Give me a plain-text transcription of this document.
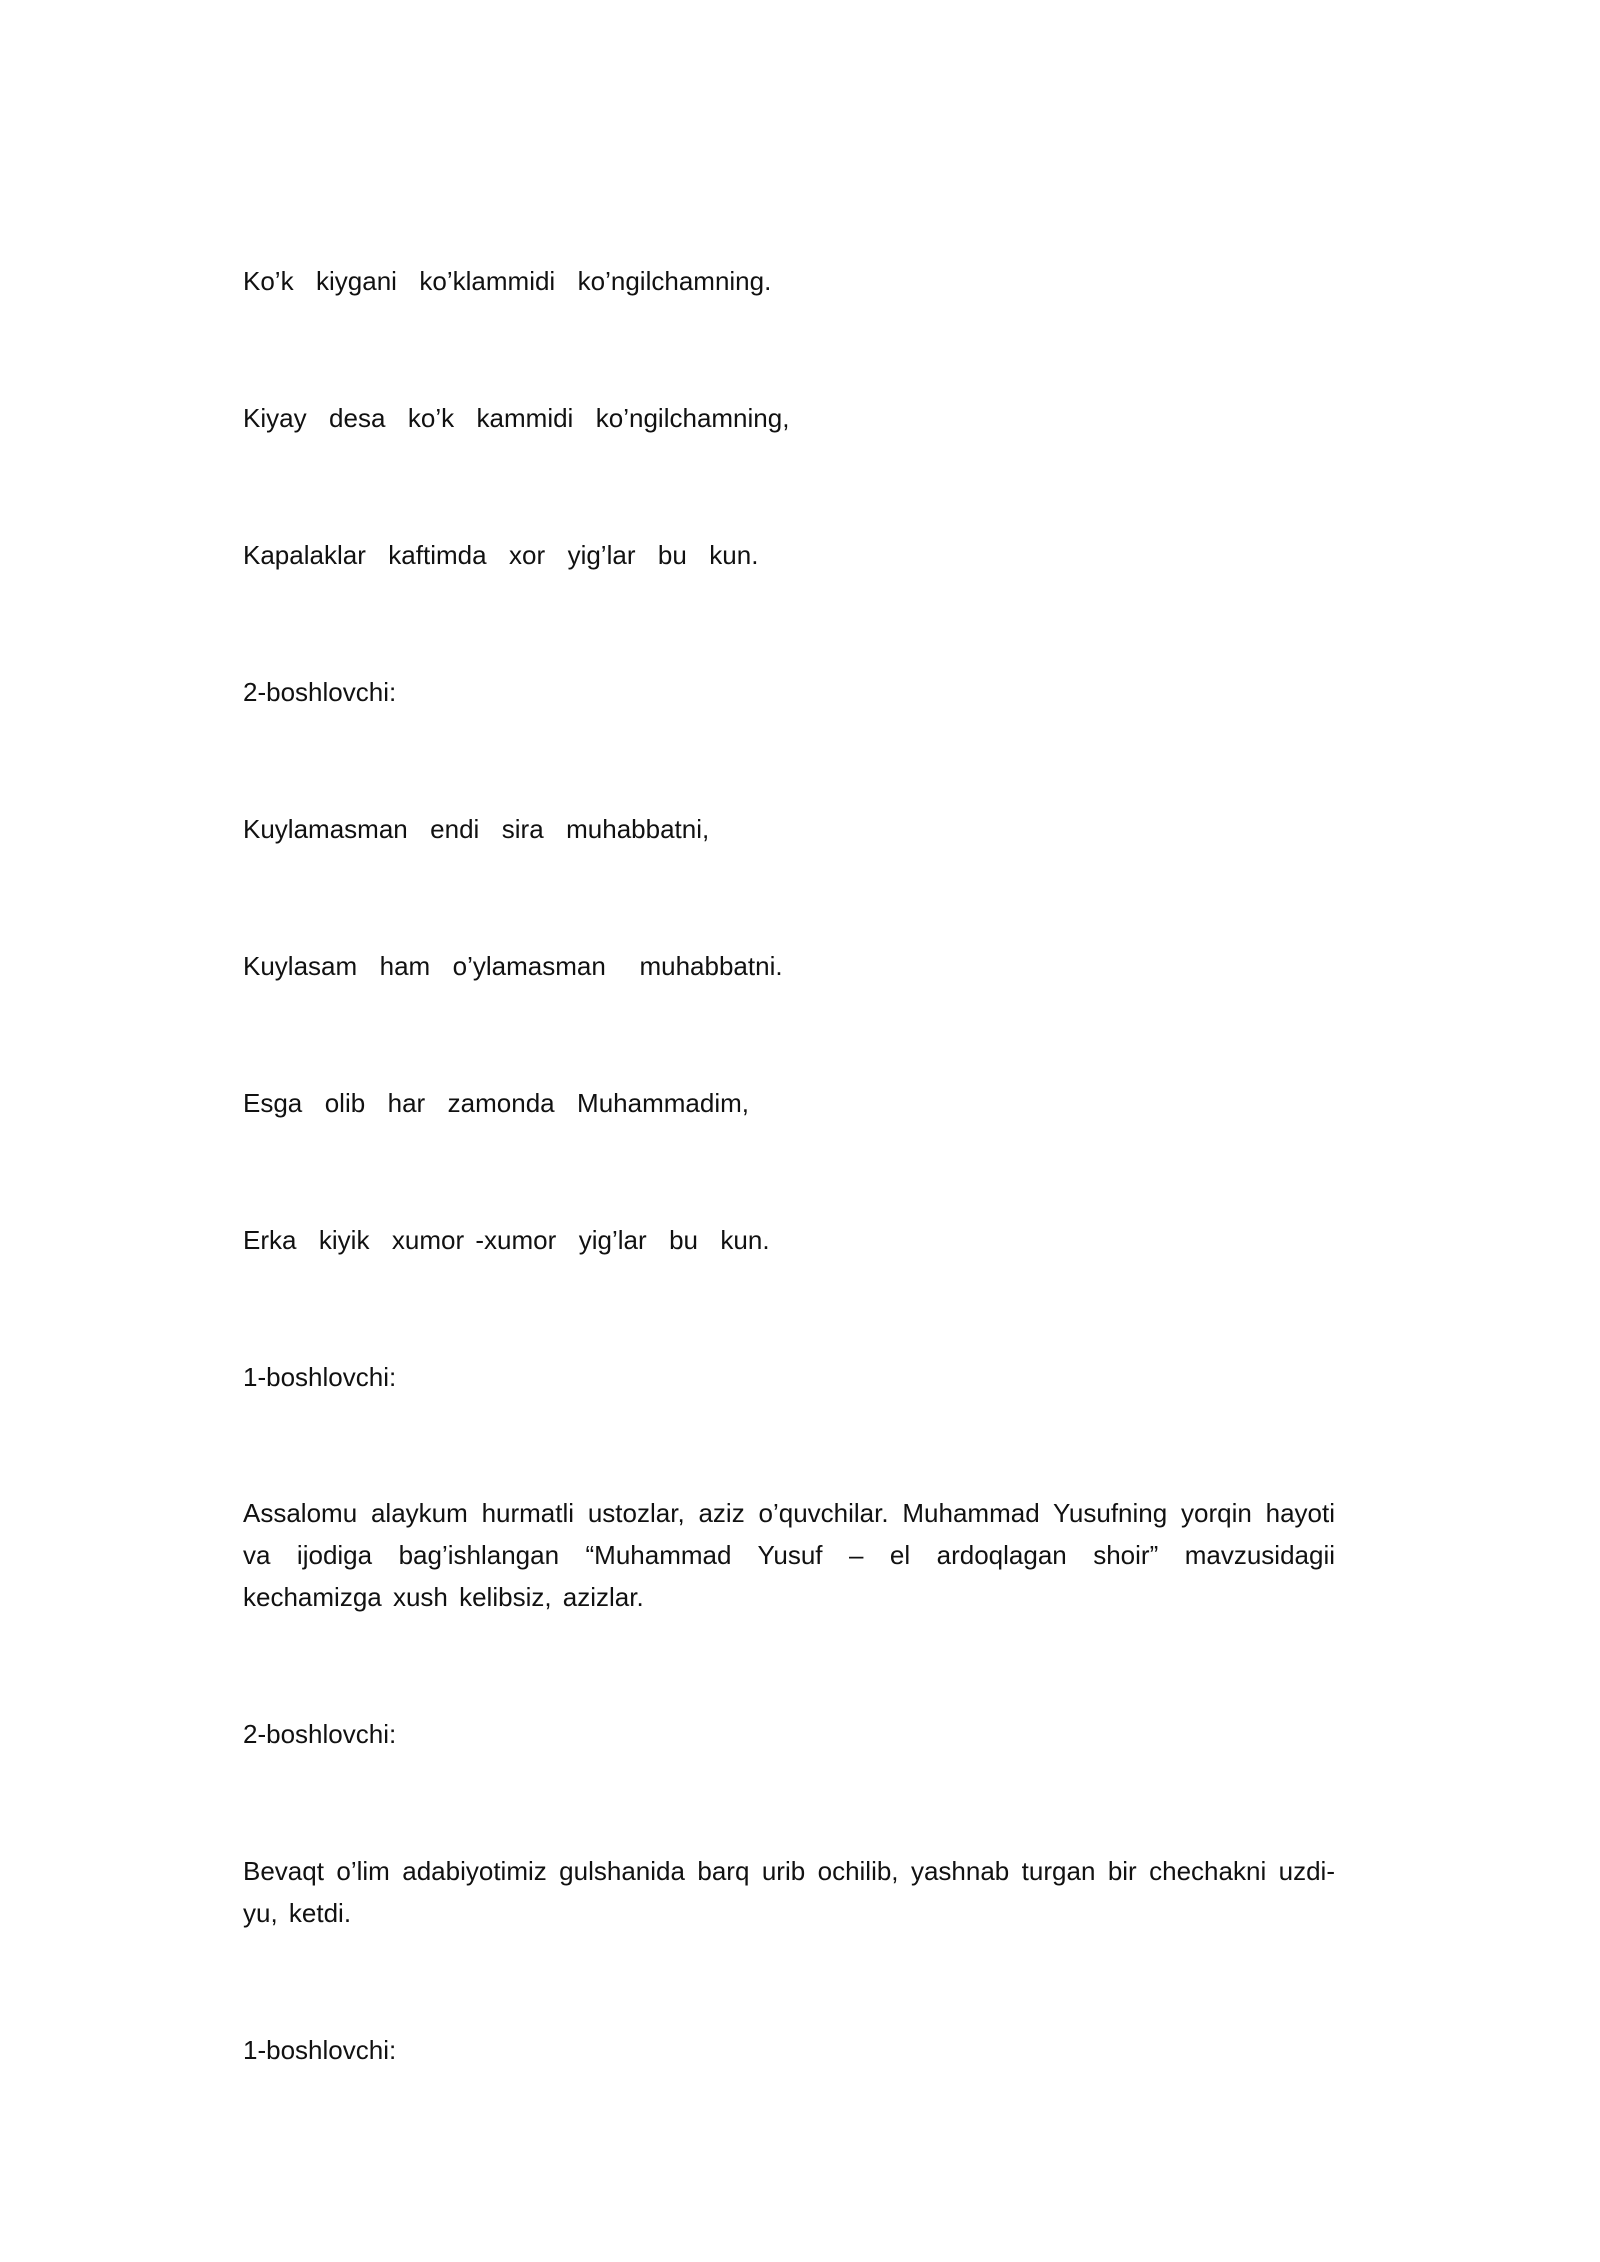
Ko’k  kiygani  ko’klammidi  ko’ngilchamning.
Kiyay  desa  ko’k  kammidi  ko’ngilchamning,
Kapalaklar  kaftimda  xor  yig’lar  bu  kun.
2-boshlovchi:
Kuylamasman  endi  sira  muhabbatni,
Kuylasam  ham  o’ylamasman   muhabbatni.
Esga  olib  har  zamonda  Muhammadim,
Erka  kiyik  xumor -xumor  yig’lar  bu  kun.
1-boshlovchi:
Assalomu alaykum hurmatli ustozlar, aziz o’quvchilar. Muhammad Yusufning yorqin hayoti va ijodiga bag’ishlangan “Muhammad Yusuf – el ardoqlagan shoir” mavzusidagii kechamizga xush kelibsiz, azizlar.
2-boshlovchi:
Bevaqt o’lim adabiyotimiz gulshanida barq urib ochilib, yashnab turgan bir chechakni uzdi-yu, ketdi.
1-boshlovchi:
